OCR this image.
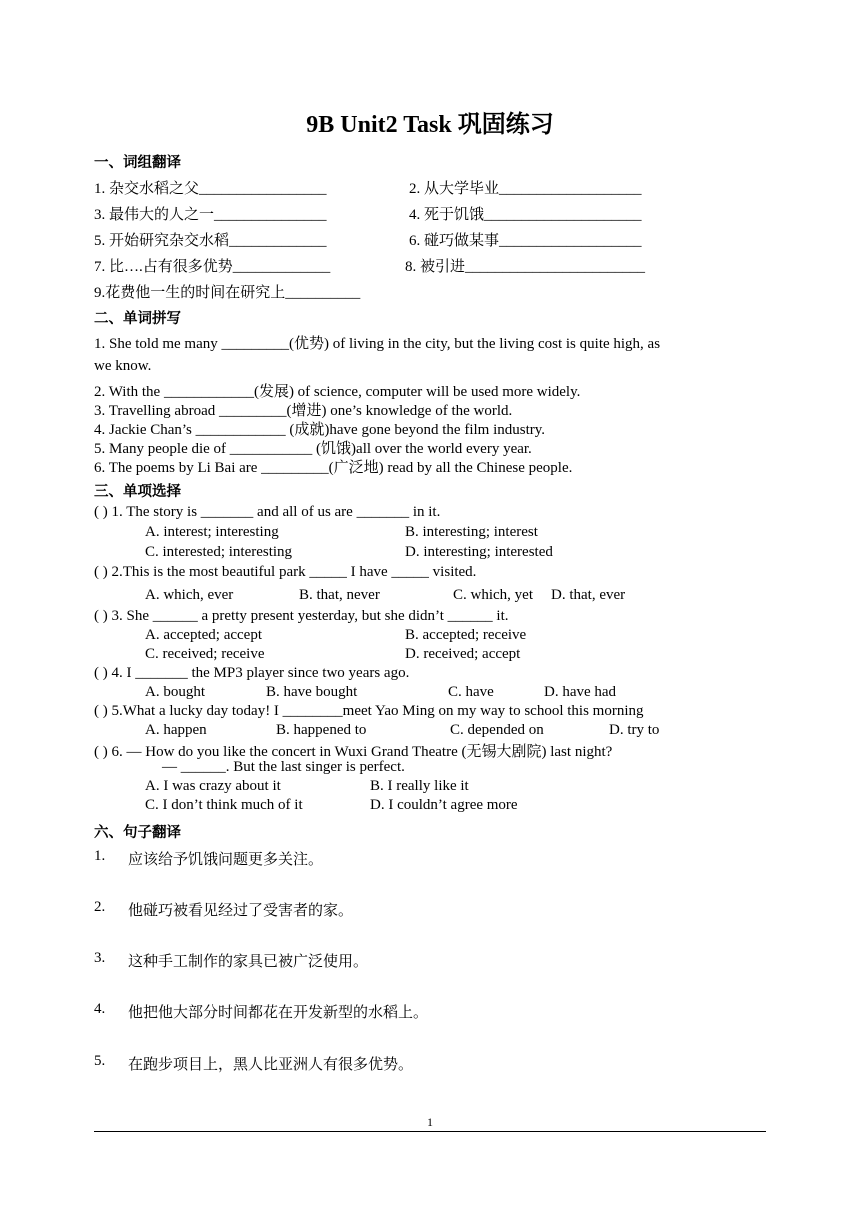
9B Unit2 Task 巩固练习
一、词组翻译
1. 杂交水稻之父_________________	2. 从大学毕业___________________
3. 最伟大的人之一_______________	4. 死于饥饿_____________________
5. 开始研究杂交水稻_____________	6. 碰巧做某事___________________
7. 比….占有很多优势_____________	8. 被引进________________________
9.花费他一生的时间在研究上__________
二、单词拼写
1. She told me many _________(优势) of living in the city, but the living cost is quite high, as
we know.
2. With the ____________(发展) of science, computer will be used more widely.
3. Travelling abroad _________(增进) one’s knowledge of the world.
4. Jackie Chan’s ____________ (成就)have gone beyond the film industry.
5. Many people die of ___________ (饥饿)all over the world every year.
6. The poems by Li Bai are _________(广泛地) read by all the Chinese people.
三、单项选择
( ) 1. The story is _______ and all of us are _______ in it.
A. interest; interesting	B. interesting; interest
C. interested; interesting	D. interesting; interested
( ) 2.This is the most beautiful park _____ I have _____ visited.
A. which, ever	B. that, never	C. which, yet D. that, ever
( ) 3. She ______ a pretty present yesterday, but she didn’t ______ it.
A. accepted; accept	B. accepted; receive
C. received; receive	D. received; accept
( ) 4. I _______ the MP3 player since two years ago.
A. bought	B. have bought	C. have	D. have had
( ) 5.What a lucky day today! I ________meet Yao Ming on my way to school this morning
A. happen	B. happened to	C. depended on	D. try to
( ) 6. — How do you like the concert in Wuxi Grand Theatre (无锡大剧院) last night?
— ______. But the last singer is perfect.
A. I was crazy about it	B. I really like it
C. I don’t think much of it	D. I couldn’t agree more
六、句子翻译
1. 应该给予饥饿问题更多关注。
2. 他碰巧被看见经过了受害者的家。
3. 这种手工制作的家具已被广泛使用。
4. 他把他大部分时间都花在开发新型的水稻上。
5. 在跑步项目上，黑人比亚洲人有很多优势。
1
